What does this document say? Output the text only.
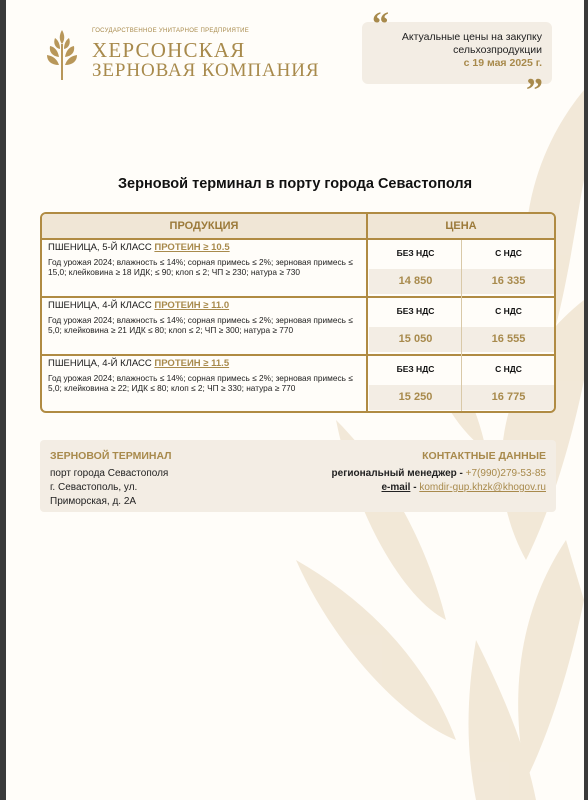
ГОСУДАРСТВЕННОЕ УНИТАРНОЕ ПРЕДПРИЯТИЕ
ХЕРСОНСКАЯ
ЗЕРНОВАЯ КОМПАНИЯ
Актуальные цены на закупку
сельхозпродукции
с 19 мая 2025 г.
“
”
Зерновой терминал в порту города Севастополя
ПРОДУКЦИЯ	ЦЕНА
ПШЕНИЦА, 5-Й КЛАСС ПРОТЕИН ≥ 10.5
Год урожая 2024; влажность ≤ 14%; сорная примесь ≤ 2%; зерновая примесь ≤ 15,0; клейковина ≥ 18 ИДК; ≤ 90; клоп ≤ 2; ЧП ≥ 230; натура ≥ 730
БЕЗ НДС	С НДС
14 850	16 335
ПШЕНИЦА, 4-Й КЛАСС ПРОТЕИН ≥ 11.0
Год урожая 2024; влажность ≤ 14%; сорная примесь ≤ 2%; зерновая примесь ≤ 5,0; клейковина ≥ 21 ИДК ≤ 80; клоп ≤ 2; ЧП ≥ 300; натура ≥ 770
БЕЗ НДС	С НДС
15 050	16 555
ПШЕНИЦА, 4-Й КЛАСС ПРОТЕИН ≥ 11.5
Год урожая 2024; влажность ≤ 14%; сорная примесь ≤ 2%; зерновая примесь ≤ 5,0; клейковина ≥ 22; ИДК ≤ 80; клоп ≤ 2; ЧП ≥ 330; натура ≥ 770
БЕЗ НДС	С НДС
15 250	16 775
ЗЕРНОВОЙ ТЕРМИНАЛ
порт города Севастополя
г. Севастополь, ул.
Приморская, д. 2А
КОНТАКТНЫЕ ДАННЫЕ
региональный менеджер - +7(990)279-53-85
e-mail - komdir-gup.khzk@khogov.ru
